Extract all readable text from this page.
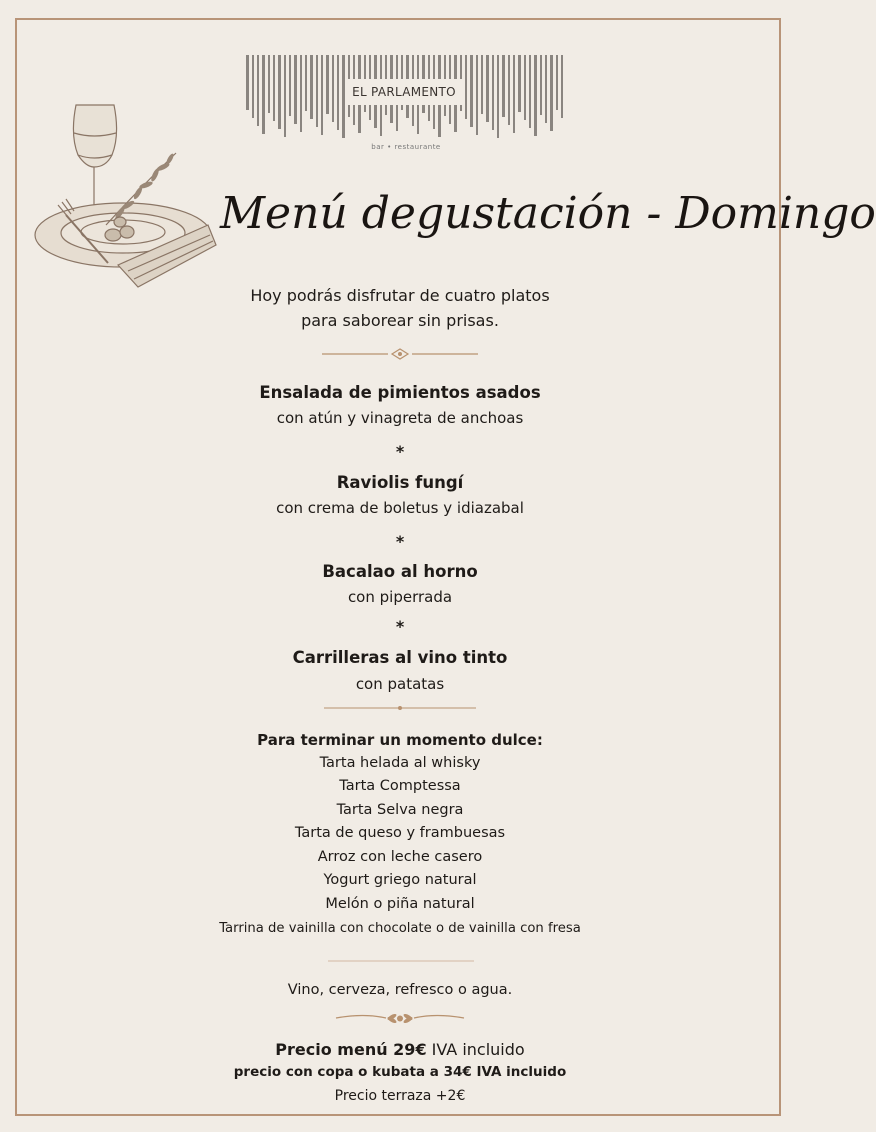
EL PARLAMENTO
bar • restaurante
Menú degustación - Domingo
Hoy podrás disfrutar de cuatro platos
para saborear sin prisas.
Ensalada de pimientos asados
con atún y vinagreta de anchoas
*
Raviolis fungí
con crema de boletus y idiazabal
*
Bacalao al horno
con piperrada
*
Carrilleras al vino tinto
con patatas
Para terminar un momento dulce:
Tarta helada al whisky
Tarta Comptessa
Tarta Selva negra
Tarta de queso y frambuesas
Arroz con leche casero
Yogurt griego natural
Melón o piña natural
Tarrina de vainilla con chocolate o de vainilla con fresa
Vino, cerveza, refresco o agua.
Precio menú 29€ IVA incluido
precio con copa o kubata a 34€ IVA incluido
Precio terraza +2€
